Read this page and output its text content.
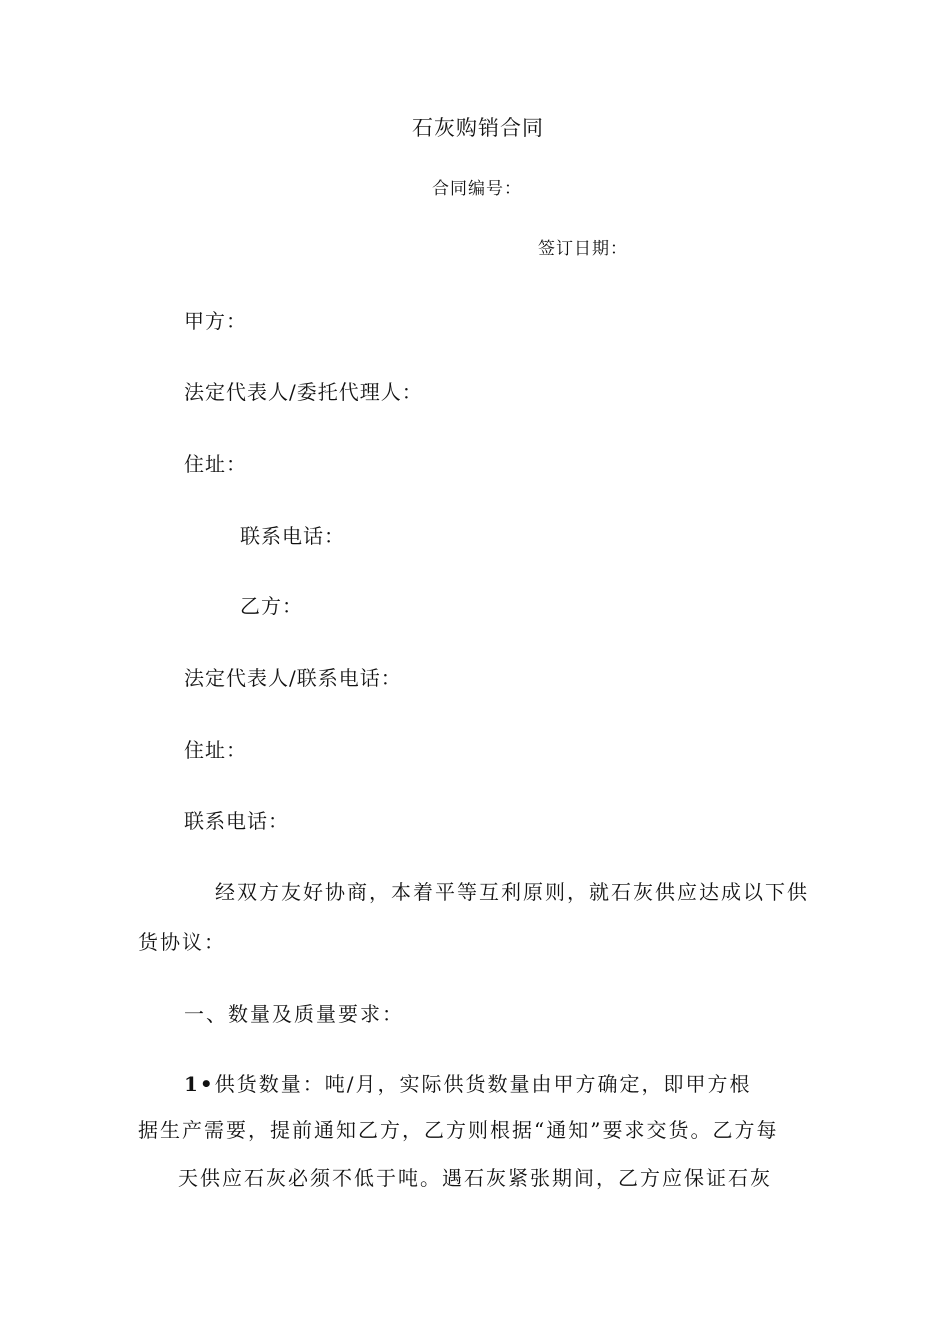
石灰购销合同
合同编号：
签订日期：
甲方：
法定代表人/委托代理人：
住址：
联系电话：
乙方：
法定代表人/联系电话：
住址：
联系电话：
经双方友好协商，本着平等互利原则，就石灰供应达成以下供
货协议：
一、数量及质量要求：
1•供货数量：吨/月，实际供货数量由甲方确定，即甲方根
据生产需要，提前通知乙方，乙方则根据“通知”要求交货。乙方每
天供应石灰必须不低于吨。遇石灰紧张期间，乙方应保证石灰
